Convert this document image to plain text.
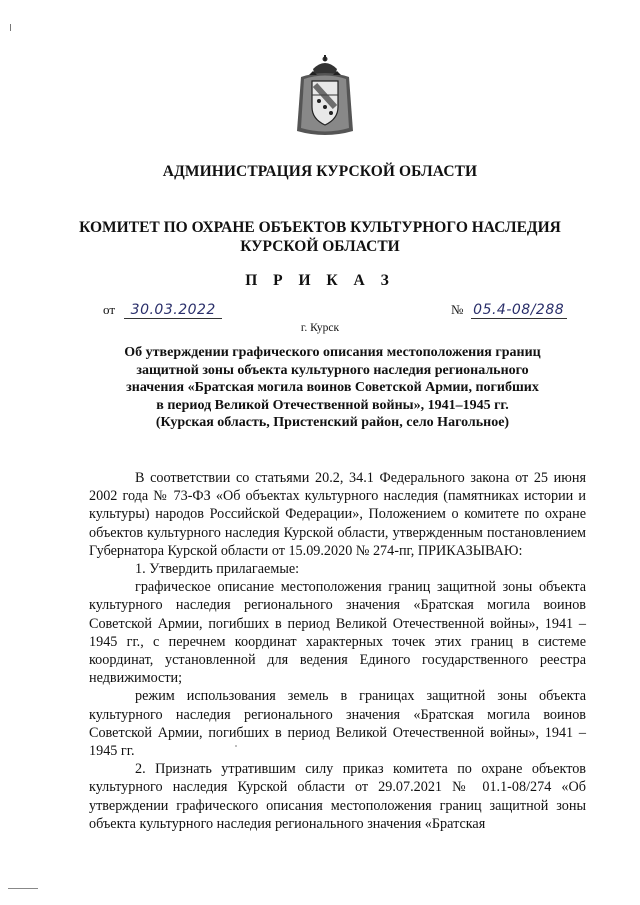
АДМИНИСТРАЦИЯ КУРСКОЙ ОБЛАСТИ
КОМИТЕТ ПО ОХРАНЕ ОБЪЕКТОВ КУЛЬТУРНОГО НАСЛЕДИЯ
КУРСКОЙ ОБЛАСТИ
П Р И К А З
от 30.03.2022	№ 05.4-08/288
г. Курск
Об утверждении графического описания местоположения границ
защитной зоны объекта культурного наследия регионального
значения «Братская могила воинов Советской Армии, погибших
в период Великой Отечественной войны», 1941–1945 гг.
(Курская область, Пристенский район, село Нагольное)

В соответствии со статьями 20.2, 34.1 Федерального закона от 25 июня 2002 года № 73-ФЗ «Об объектах культурного наследия (памятниках истории и культуры) народов Российской Федерации», Положением о комитете по охране объектов культурного наследия Курской области, утвержденным постановлением Губернатора Курской области от 15.09.2020 № 274-пг, ПРИКАЗЫВАЮ:

1. Утвердить прилагаемые:

графическое описание местоположения границ защитной зоны объекта культурного наследия регионального значения «Братская могила воинов Советской Армии, погибших в период Великой Отечественной войны», 1941 – 1945 гг., с перечнем координат характерных точек этих границ в системе координат, установленной для ведения Единого государственного реестра недвижимости;

режим использования земель в границах защитной зоны объекта культурного наследия регионального значения «Братская могила воинов Советской Армии, погибших в период Великой Отечественной войны», 1941 – 1945 гг.

2. Признать утратившим силу приказ комитета по охране объектов культурного наследия Курской области от 29.07.2021 № 01.1-08/274 «Об утверждении графического описания местоположения границ защитной зоны объекта культурного наследия регионального значения «Братская
